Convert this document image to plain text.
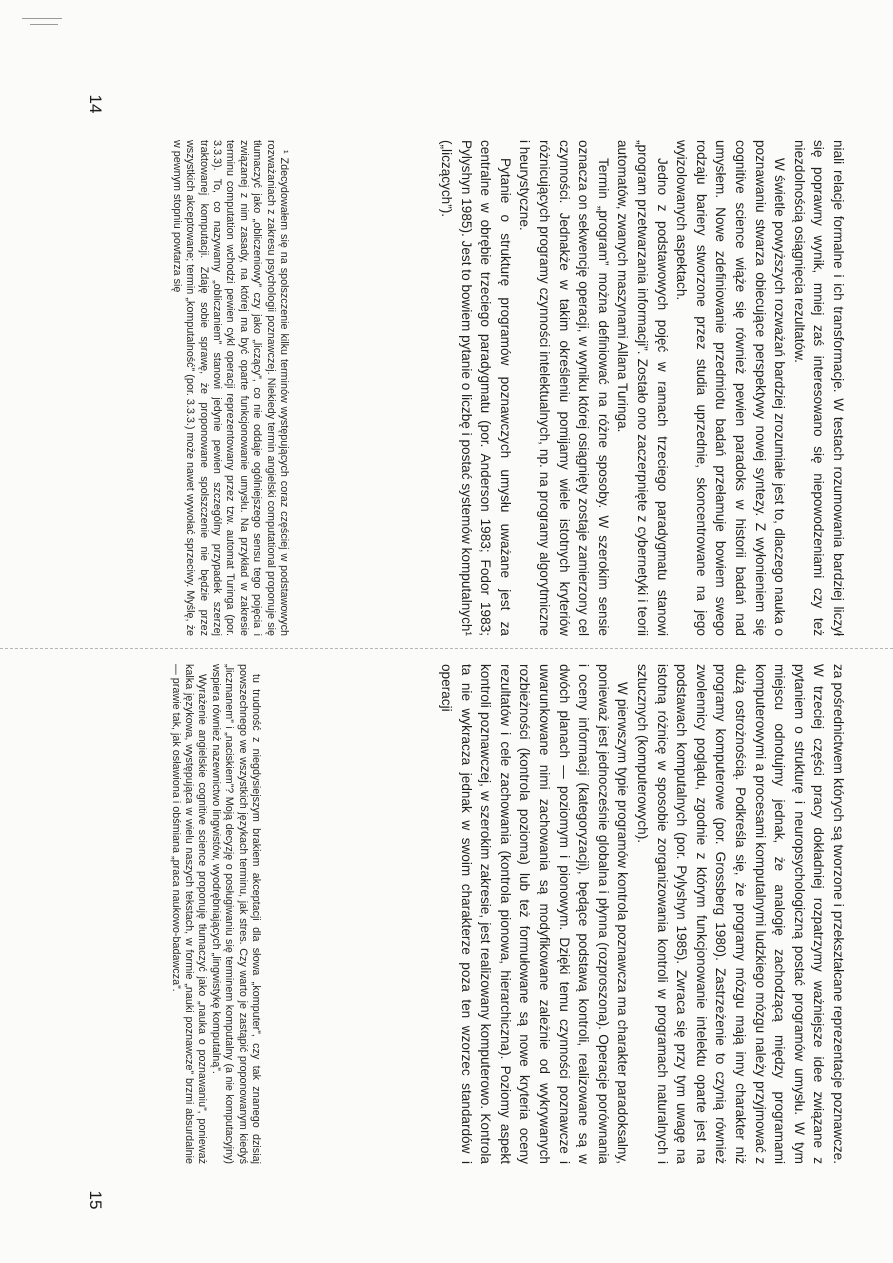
14
15

niali relacje formalne i ich transformacje. W testach rozumowania bardziej liczył się poprawny wynik, mniej zaś interesowano się niepowodzeniami czy też niezdolnością osiągnięcia rezultatów.

W świetle powyższych rozważań bardziej zrozumiałe jest to, dlaczego nauka o poznawaniu stwarza obiecujące perspektywy nowej syntezy. Z wyłonieniem się cognitive science wiąże się również pewien paradoks w historii badań nad umysłem. Nowe zdefiniowanie przedmiotu badań przełamuje bowiem swego rodzaju bariery stworzone przez studia uprzednie, skoncentrowane na jego wyizolowanych aspektach.

Jedno z podstawowych pojęć w ramach trzeciego paradygmatu stanowi „program przetwarzania informacji”. Zostało ono zaczerpnięte z cybernetyki i teorii automatów, zwanych maszynami Allana Turinga.

Termin „program” można definiować na różne sposoby. W szerokim sensie oznacza on sekwencję operacji, w wyniku której osiągnięty zostaje zamierzony cel czynności. Jednakże w takim określeniu pomijamy wiele istotnych kryteriów różnicujących programy czynności intelektualnych, np. na programy algorytmiczne i heurystyczne.

Pytanie o strukturę programów poznawczych umysłu uważane jest za centralne w obrębie trzeciego paradygmatu (por. Anderson 1983; Fodor 1983; Pylyshyn 1985). Jest to bowiem pytanie o liczbę i postać systemów komputalnych¹ („liczących”).

¹ Zdecydowałem się na spolszczenie kilku terminów występujących coraz częściej w podstawowych rozważaniach z zakresu psychologii poznawczej. Niekiedy termin angielski computational proponuje się tłumaczyć jako „obliczeniowy” czy jako „liczący”, co nie oddaje ogólniejszego sensu tego pojęcia i związanej z nim zasady, na której ma być oparte funkcjonowanie umysłu. Na przykład w zakresie terminu computation wchodzi pewien cykl operacji reprezentowany przez tzw. automat Turinga (por. 3.3.3). To, co nazywamy „obliczaniem” stanowi jedynie pewien szczególny przypadek szerzej traktowanej komputacji. Zdaję sobie sprawę, że proponowane spolszczenie nie będzie przez wszystkich akceptowane; termin „komputalność” (por. 3.3.3.) może nawet wywołać sprzeciwy. Myślę, że w pewnym stopniu powtarza się

za pośrednictwem których są tworzone i przekształcane reprezentacje poznawcze. W trzeciej części pracy dokładniej rozpatrzymy ważniejsze idee związane z pytaniem o strukturę i neuropsychologiczną postać programów umysłu. W tym miejscu odnotujmy jednak, że analogię zachodzącą między programami komputerowymi a procesami komputalnymi ludzkiego mózgu należy przyjmować z dużą ostrożnością. Podkreśla się, że programy mózgu mają inny charakter niż programy komputerowe (por. Grossberg 1980). Zastrzeżenie to czynią również zwolennicy poglądu, zgodnie z którym funkcjonowanie intelektu oparte jest na podstawach komputalnych (por. Pylyshyn 1985). Zwraca się przy tym uwagę na istotną różnicę w sposobie zorganizowania kontroli w programach naturalnych i sztucznych (komputerowych).

W pierwszym typie programów kontrola poznawcza ma charakter paradoksalny, ponieważ jest jednocześnie globalna i płynna (rozproszona). Operacje porównania i oceny informacji (kategoryzacji), będące podstawą kontroli, realizowane są w dwóch planach — poziomym i pionowym. Dzięki temu czynności poznawcze i uwarunkowane nimi zachowania są modyfikowane zależnie od wykrywanych rozbieżności (kontrola pozioma) lub też formułowane są nowe kryteria oceny rezultatów i cele zachowania (kontrola pionowa, hierarchiczna). Poziomy aspekt kontroli poznawczej, w szerokim zakresie, jest realizowany komputerowo. Kontrola ta nie wykracza jednak w swoim charakterze poza ten wzorzec standardów i operacji

tu trudność z niegdysiejszym brakiem akceptacji dla słowa „komputer”, czy tak znanego dzisiaj powszechnego we wszystkich językach terminu, jak stres. Czy warto je zastąpić proponowanym kiedyś „liczmanem” i „naciskiem”? Moją decyzję o posługiwaniu się terminem komputalny (a nie komputacyjny) wspiera również nazewnictwo lingwistów, wyodrębniających „lingwistykę komputalną”.

Wyrażenie angielskie cognitive science proponuję tłumaczyć jako „nauka o poznawaniu”, ponieważ kalka językowa, występująca w wielu naszych tekstach, w formie „nauki poznawcze” brzmi absurdalnie — prawie tak, jak osławiona i obśmiana „praca naukowo-badawcza”.
